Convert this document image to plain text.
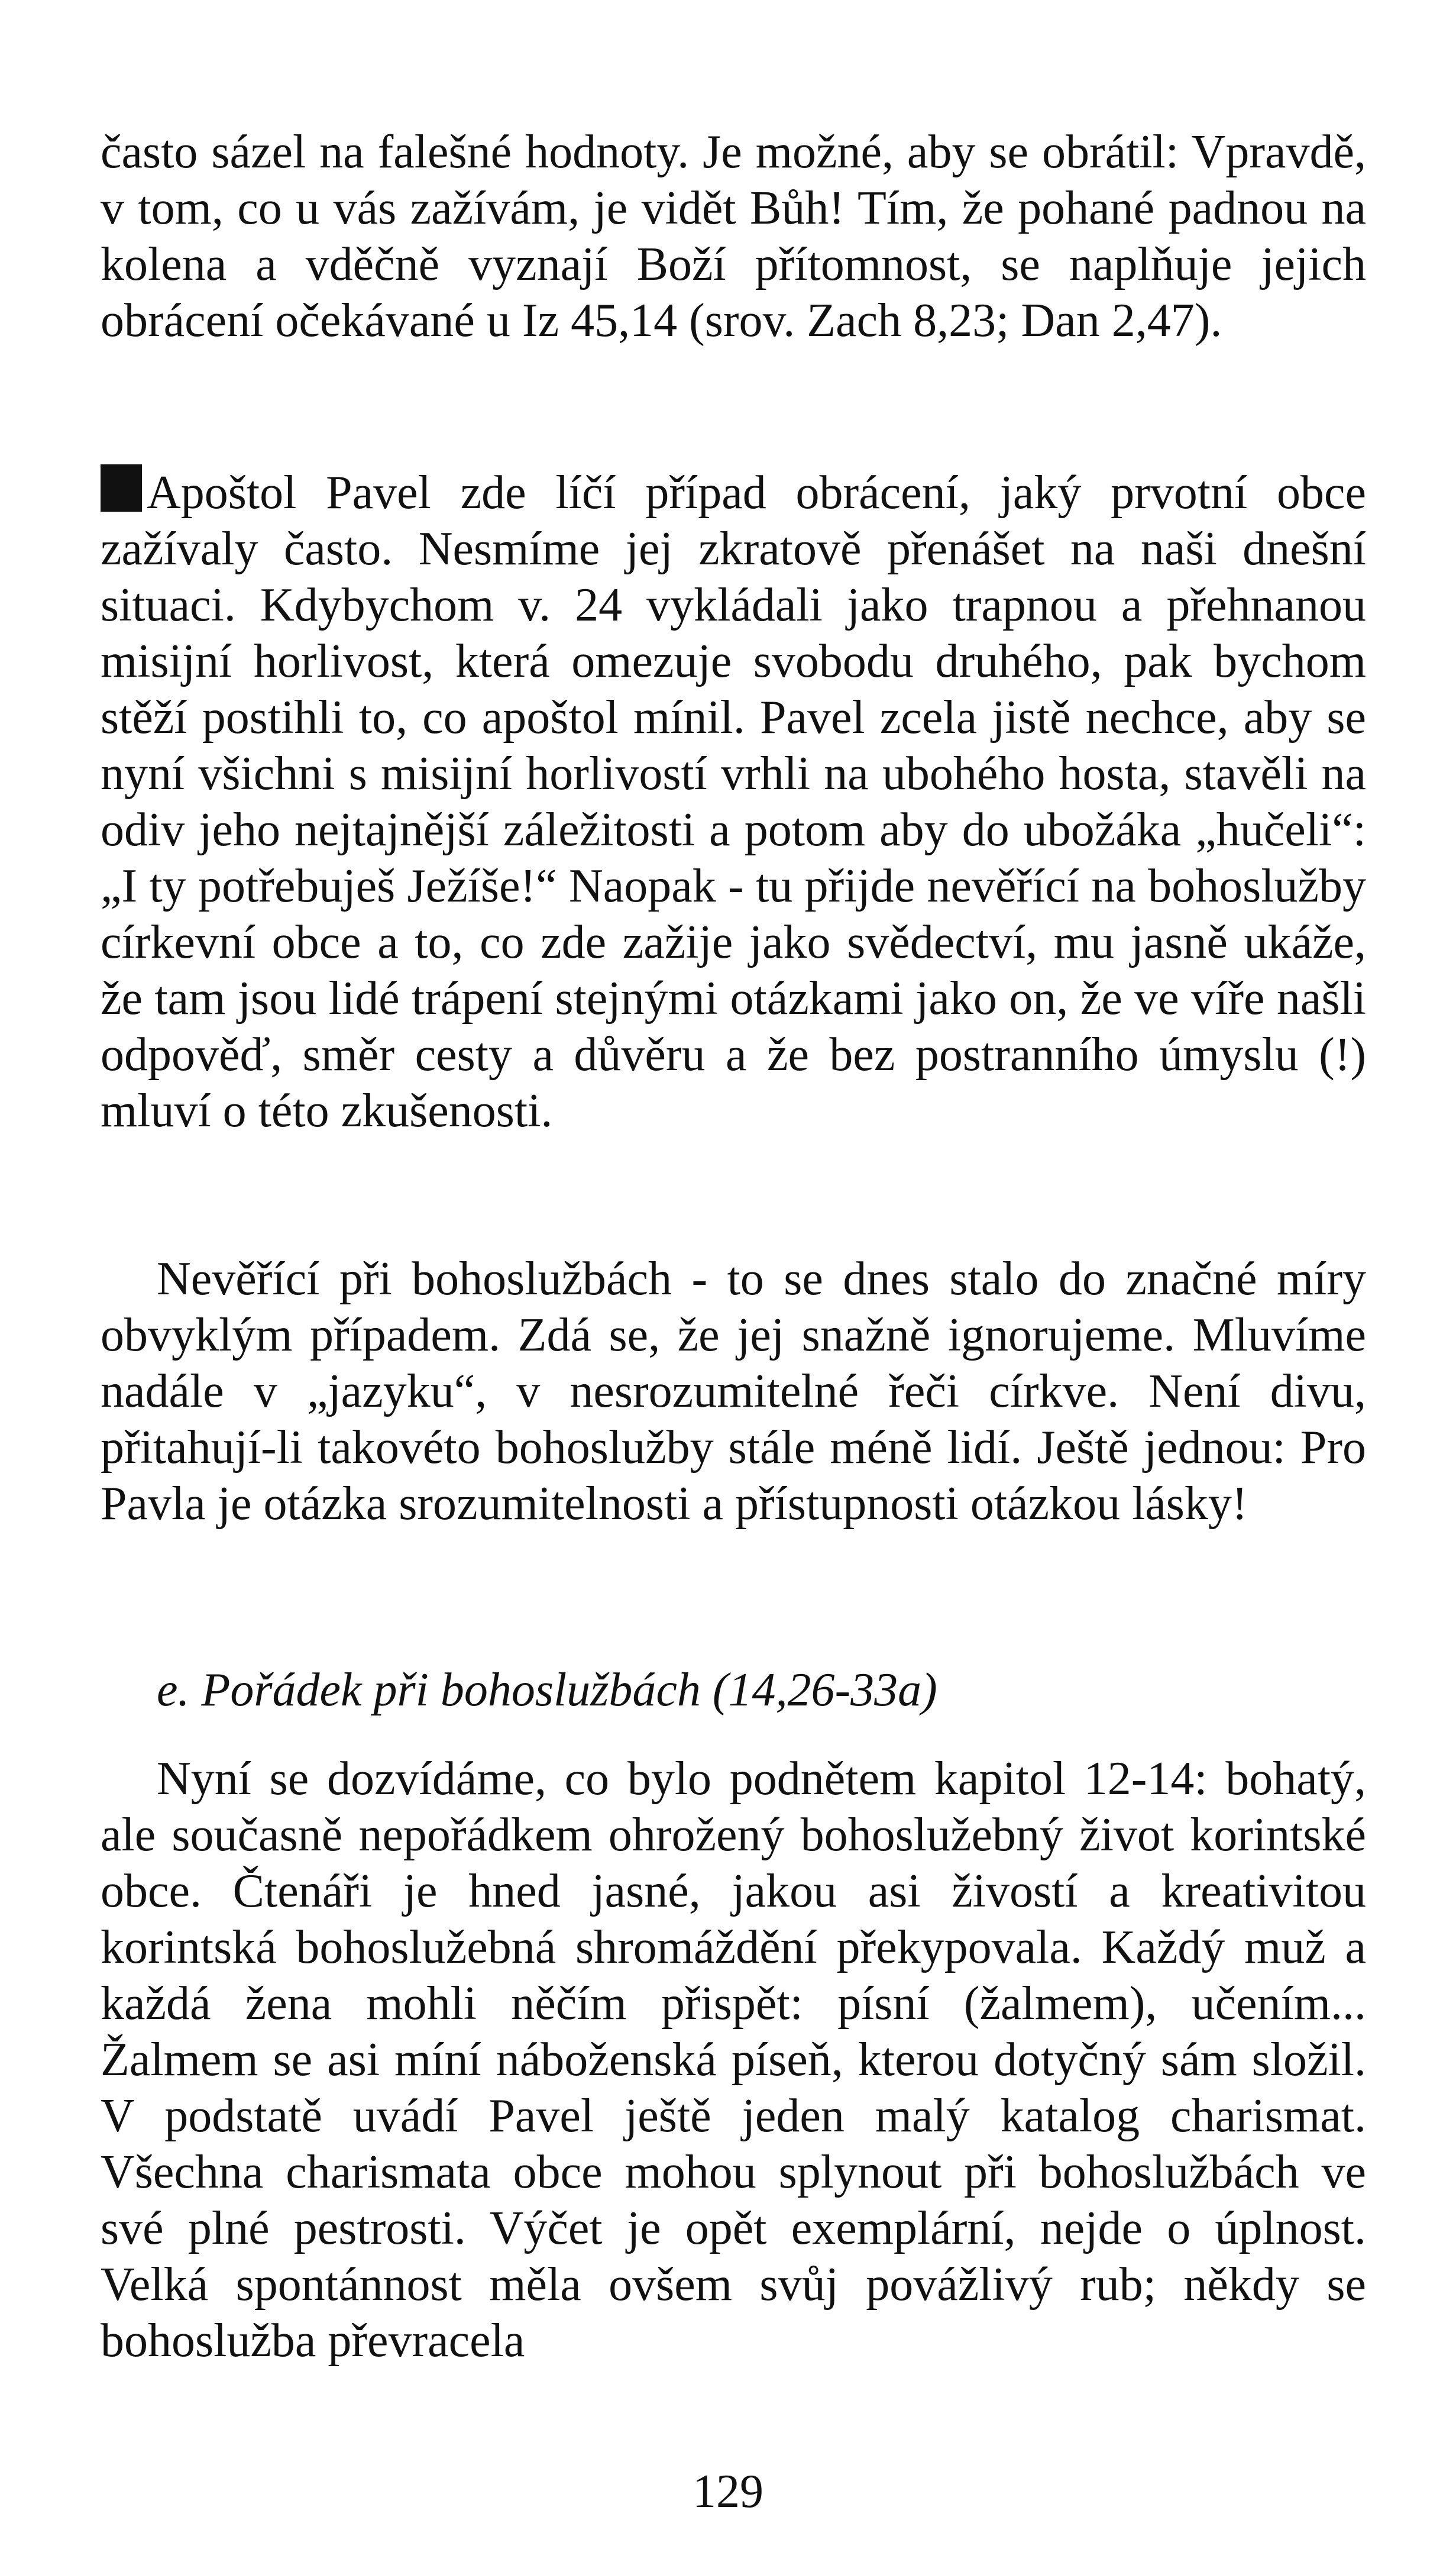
často sázel na falešné hodnoty. Je možné, aby se obrátil: Vpravdě, v tom, co u vás zažívám, je vidět Bůh! Tím, že pohané padnou na kolena a vděčně vyznají Boží přítomnost, se naplňuje jejich obrácení očekávané u Iz 45,14 (srov. Zach 8,23; Dan 2,47).

Apoštol Pavel zde líčí případ obrácení, jaký prvotní obce zažívaly často. Nesmíme jej zkratově přenášet na naši dnešní situaci. Kdybychom v. 24 vykládali jako trapnou a přehnanou misijní horlivost, která omezuje svobodu druhého, pak bychom stěží postihli to, co apoštol mínil. Pavel zcela jistě nechce, aby se nyní všichni s misijní horlivostí vrhli na ubohého hosta, stavěli na odiv jeho nejtajnější záležitosti a potom aby do ubožáka „hučeli“: „I ty potřebuješ Ježíše!“ Naopak - tu přijde nevěřící na bohoslužby církevní obce a to, co zde zažije jako svědectví, mu jasně ukáže, že tam jsou lidé trápení stejnými otázkami jako on, že ve víře našli odpověď, směr cesty a důvěru a že bez postranního úmyslu (!) mluví o této zkušenosti.

Nevěřící při bohoslužbách - to se dnes stalo do značné míry obvyklým případem. Zdá se, že jej snažně ignorujeme. Mluvíme nadále v „jazyku“, v nesrozumitelné řeči církve. Není divu, přitahují-li takovéto bohoslužby stále méně lidí. Ještě jednou: Pro Pavla je otázka srozumitelnosti a přístupnosti otázkou lásky!

e. Pořádek při bohoslužbách (14,26-33a)

Nyní se dozvídáme, co bylo podnětem kapitol 12-14: bohatý, ale současně nepořádkem ohrožený bohoslužebný život korintské obce. Čtenáři je hned jasné, jakou asi živostí a kreativitou korintská bohoslužebná shromáždění překypovala. Každý muž a každá žena mohli něčím přispět: písní (žalmem), učením... Žalmem se asi míní náboženská píseň, kterou dotyčný sám složil. V podstatě uvádí Pavel ještě jeden malý katalog charismat. Všechna charismata obce mohou splynout při bohoslužbách ve své plné pestrosti. Výčet je opět exemplární, nejde o úplnost. Velká spontánnost měla ovšem svůj povážlivý rub; někdy se bohoslužba převracela

129
